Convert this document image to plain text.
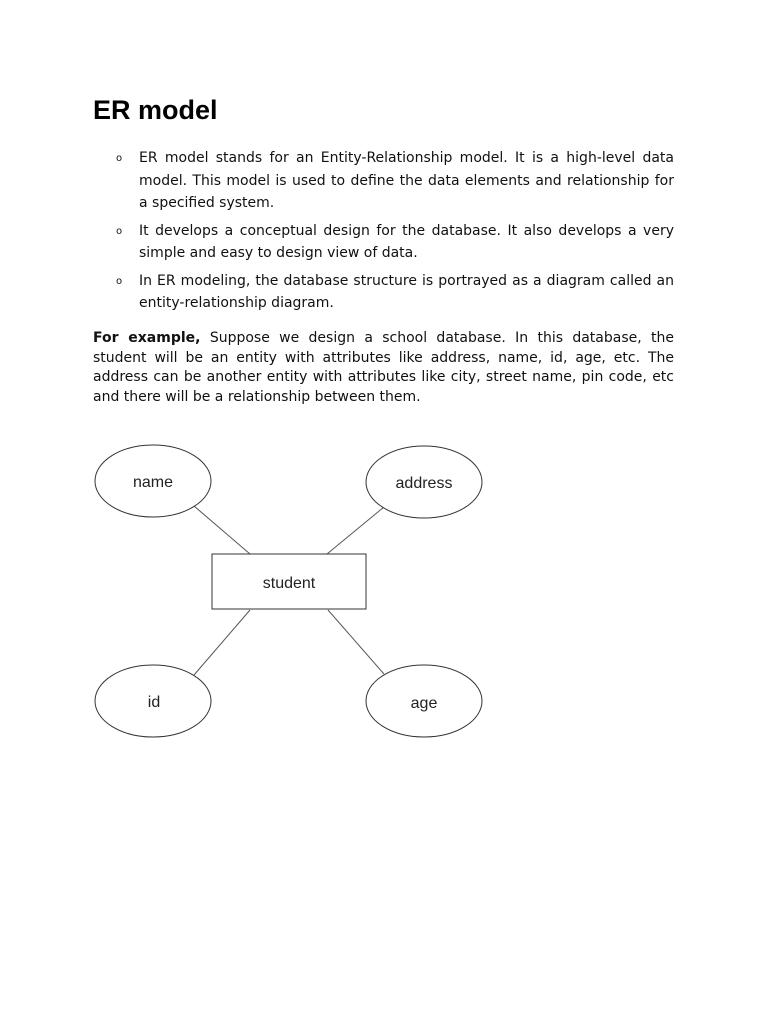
ER model
o ER model stands for an Entity-Relationship model. It is a high-level data model. This model is used to define the data elements and relationship for a specified system.
o It develops a conceptual design for the database. It also develops a very simple and easy to design view of data.
o In ER modeling, the database structure is portrayed as a diagram called an entity-relationship diagram.

For example, Suppose we design a school database. In this database, the student will be an entity with attributes like address, name, id, age, etc. The address can be another entity with attributes like city, street name, pin code, etc and there will be a relationship between them.

name	address
student
id	age
